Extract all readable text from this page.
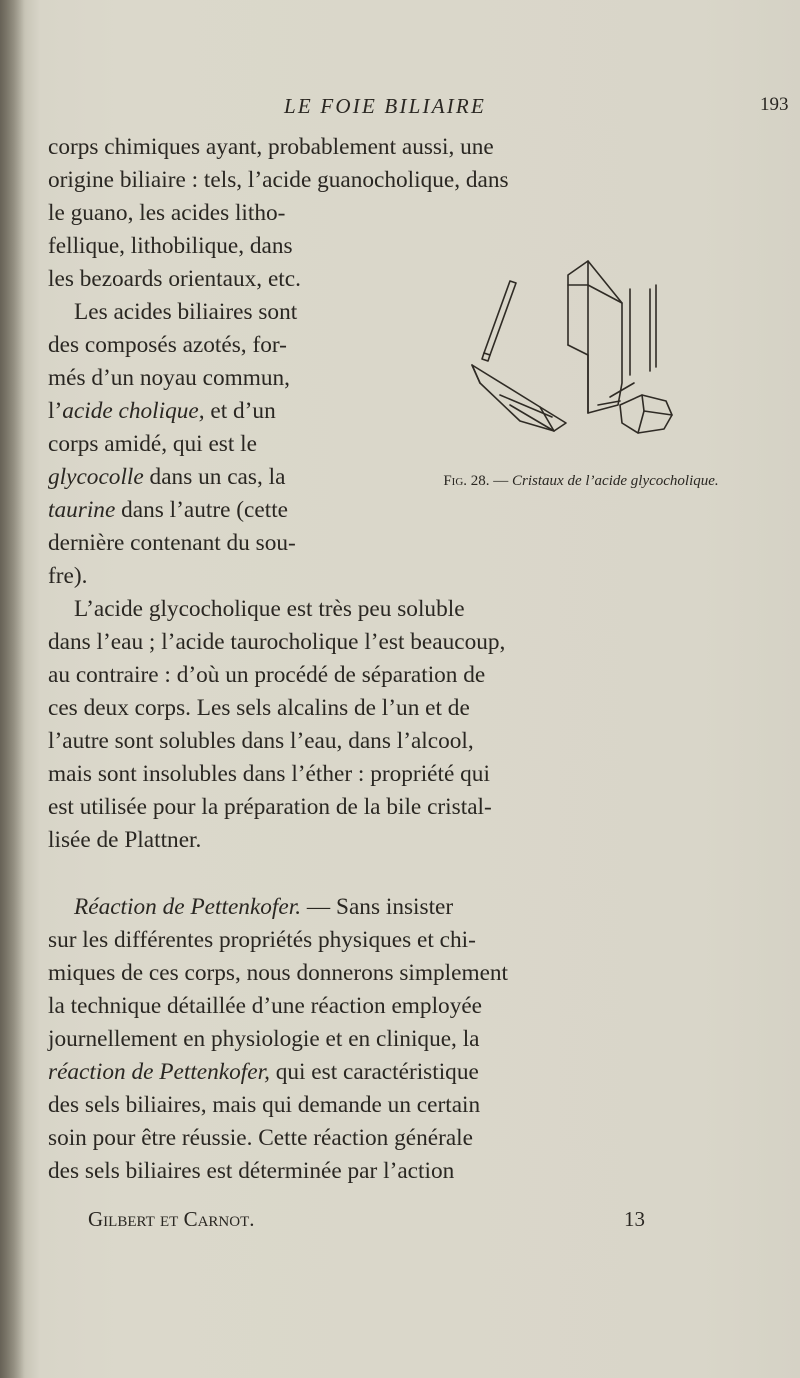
LE FOIE BILIAIRE	193
corps chimiques ayant, probablement aussi, une
origine biliaire : tels, l’acide guanocholique, dans
le guano, les acides litho-
fellique, lithobilique, dans
les bezoards orientaux, etc.
Les acides biliaires sont
des composés azotés, for-
més d’un noyau commun,
l’acide cholique, et d’un
corps amidé, qui est le
glycocolle dans un cas, la
taurine dans l’autre (cette
dernière contenant du sou-
fre).
L’acide glycocholique est très peu soluble
dans l’eau ; l’acide taurocholique l’est beaucoup,
au contraire : d’où un procédé de séparation de
ces deux corps. Les sels alcalins de l’un et de
l’autre sont solubles dans l’eau, dans l’alcool,
mais sont insolubles dans l’éther : propriété qui
est utilisée pour la préparation de la bile cristal-
lisée de Plattner.
Réaction de Pettenkofer. — Sans insister
sur les différentes propriétés physiques et chi-
miques de ces corps, nous donnerons simplement
la technique détaillée d’une réaction employée
journellement en physiologie et en clinique, la
réaction de Pettenkofer, qui est caractéristique
des sels biliaires, mais qui demande un certain
soin pour être réussie. Cette réaction générale
des sels biliaires est déterminée par l’action
Fig. 28. — Cristaux de l’acide glycocholique.
Gilbert et Carnot.	13
